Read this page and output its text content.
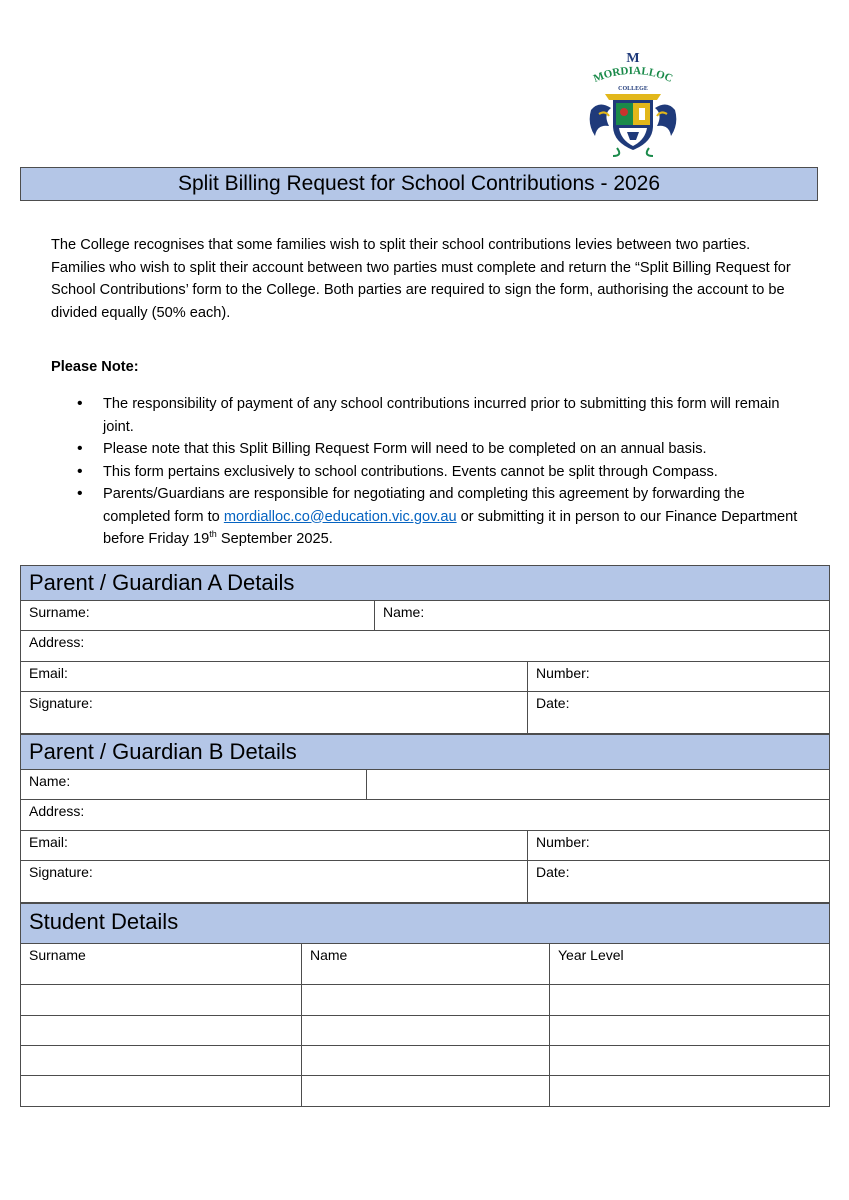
M
MORDIALLOC
COLLEGE
Split Billing Request for School Contributions - 2026

The College recognises that some families wish to split their school contributions levies between two parties. Families who wish to split their account between two parties must complete and return the “Split Billing Request for School Contributions’ form to the College. Both parties are required to sign the form, authorising the account to be divided equally (50% each).

Please Note:
• The responsibility of payment of any school contributions incurred prior to submitting this form will remain joint.
• Please note that this Split Billing Request Form will need to be completed on an annual basis.
• This form pertains exclusively to school contributions. Events cannot be split through Compass.
• Parents/Guardians are responsible for negotiating and completing this agreement by forwarding the completed form to mordialloc.co@education.vic.gov.au or submitting it in person to our Finance Department before Friday 19th September 2025.
Parent / Guardian A Details
Surname:	Name:
Address:
Email:	Number:
Signature:	Date:
Parent / Guardian B Details
Name:
Address:
Email:	Number:
Signature:	Date:
Student Details
Surname	Name	Year Level
